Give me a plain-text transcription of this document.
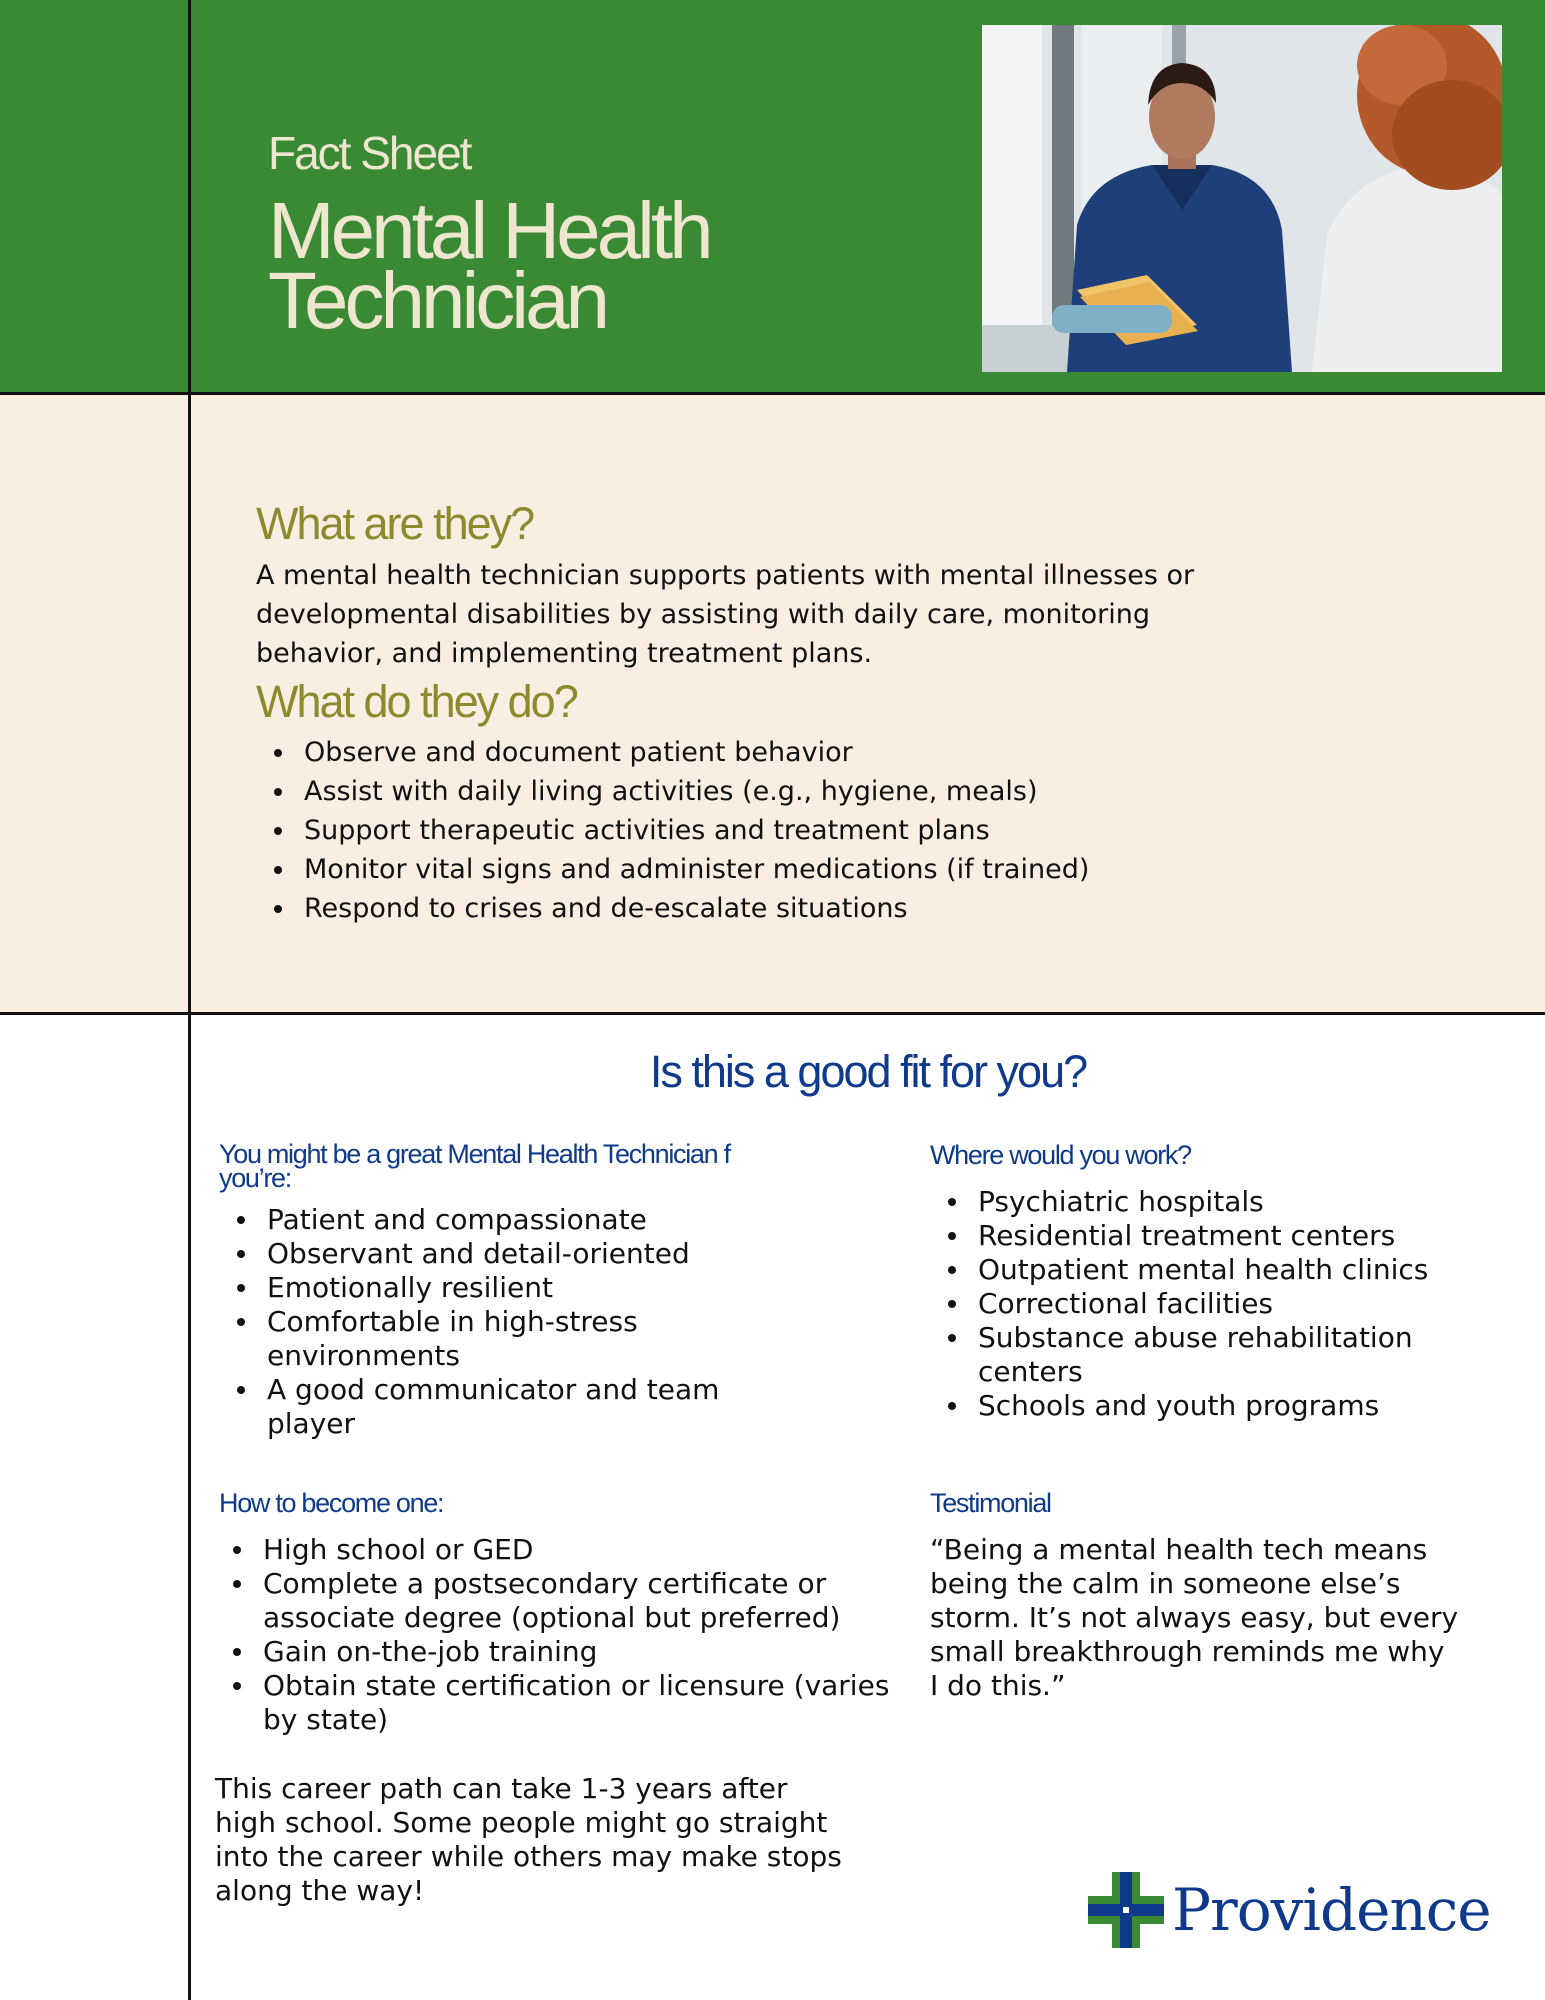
Fact Sheet

Mental Health
Technician
What are they?

A mental health technician supports patients with mental illnesses or developmental disabilities by assisting with daily care, monitoring behavior, and implementing treatment plans.

What do they do?
Observe and document patient behavior
Assist with daily living activities (e.g., hygiene, meals)
Support therapeutic activities and treatment plans
Monitor vital signs and administer medications (if trained)
Respond to crises and de-escalate situations
Is this a good fit for you?
You might be a great Mental Health Technician f
you’re:
Patient and compassionate
Observant and detail-oriented
Emotionally resilient
Comfortable in high-stress environments
A good communicator and team player
Where would you work?
Psychiatric hospitals
Residential treatment centers
Outpatient mental health clinics
Correctional facilities
Substance abuse rehabilitation centers
Schools and youth programs
How to become one:
High school or GED
Complete a postsecondary certificate or associate degree (optional but preferred)
Gain on-the-job training
Obtain state certification or licensure (varies by state)

This career path can take 1-3 years after high school. Some people might go straight into the career while others may make stops along the way!

Testimonial

“Being a mental health tech means being the calm in someone else’s storm. It’s not always easy, but every small breakthrough reminds me why I do this.”

Providence
